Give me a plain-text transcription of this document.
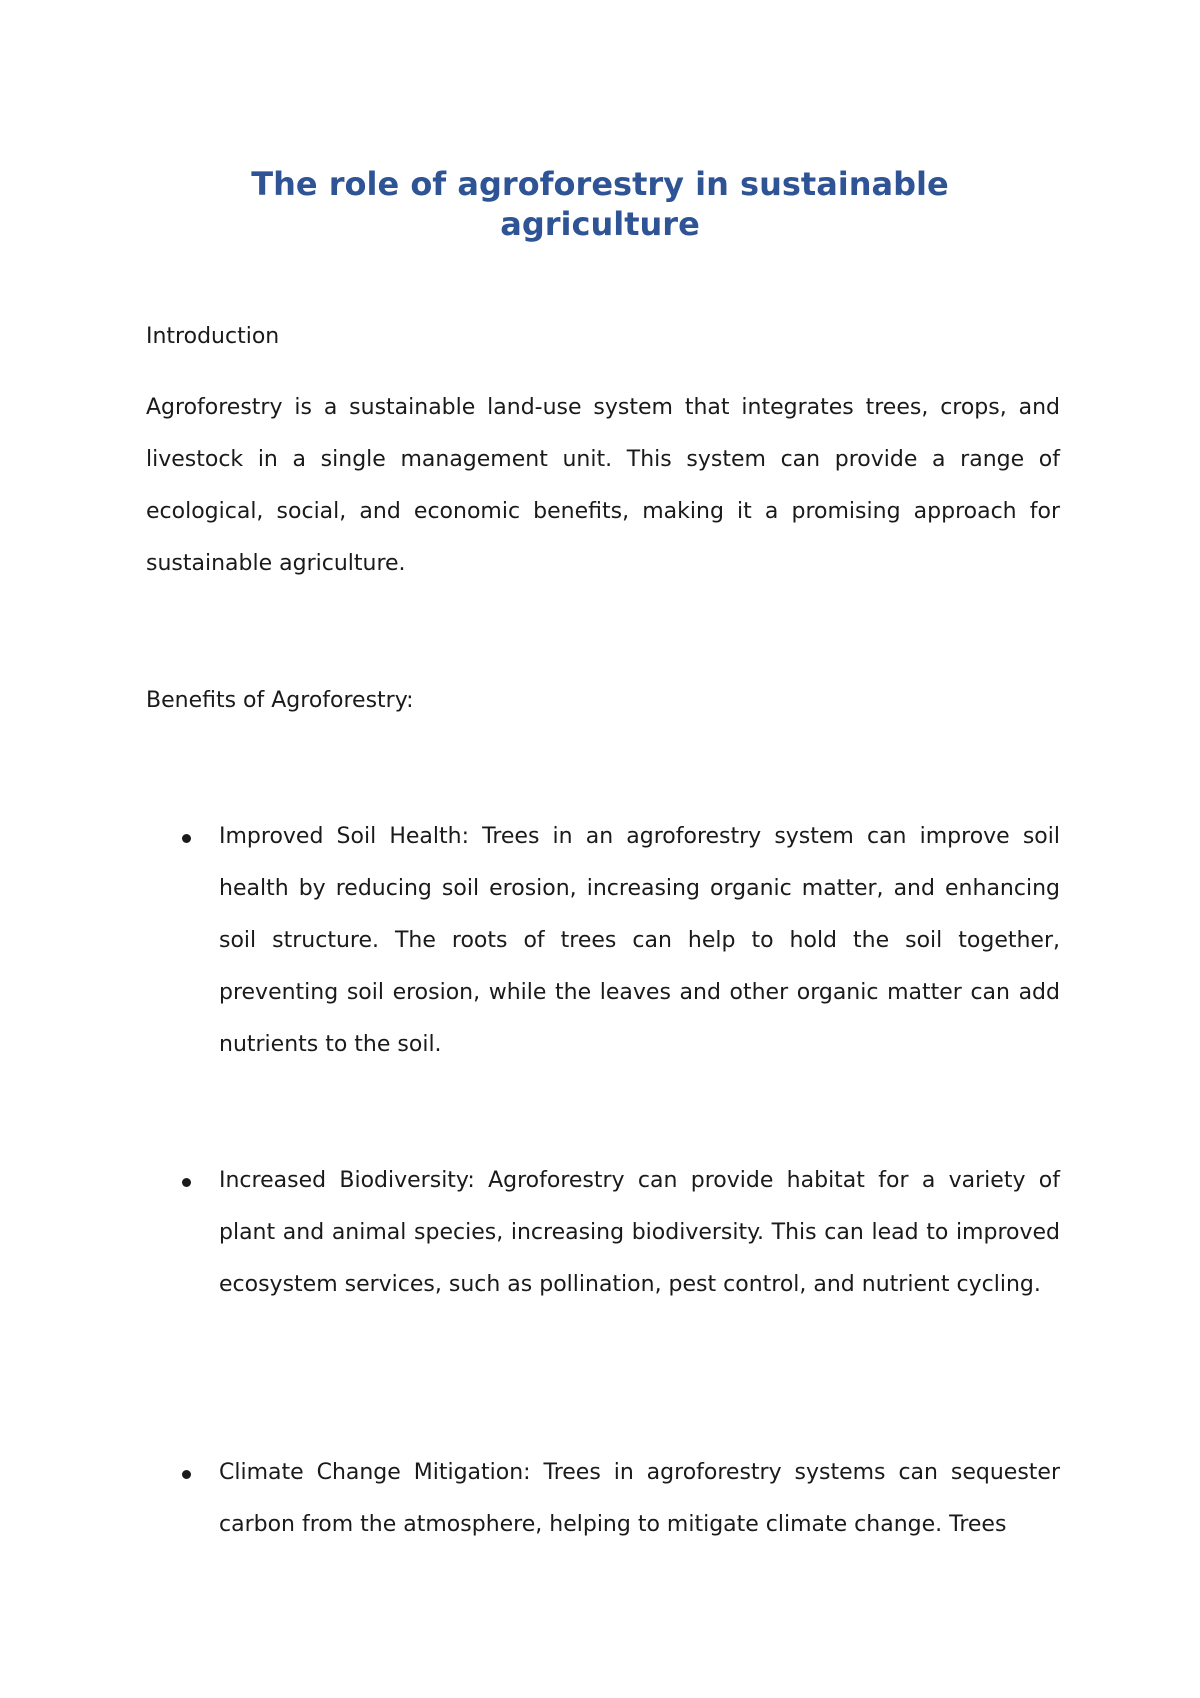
The role of agroforestry in sustainable agriculture

Introduction

Agroforestry is a sustainable land-use system that integrates trees, crops, and livestock in a single management unit. This system can provide a range of ecological, social, and economic benefits, making it a promising approach for sustainable agriculture.

Benefits of Agroforestry:

Improved Soil Health: Trees in an agroforestry system can improve soil health by reducing soil erosion, increasing organic matter, and enhancing soil structure. The roots of trees can help to hold the soil together, preventing soil erosion, while the leaves and other organic matter can add nutrients to the soil.

Increased Biodiversity: Agroforestry can provide habitat for a variety of plant and animal species, increasing biodiversity. This can lead to improved ecosystem services, such as pollination, pest control, and nutrient cycling.

Climate Change Mitigation: Trees in agroforestry systems can sequester carbon from the atmosphere, helping to mitigate climate change. Trees
